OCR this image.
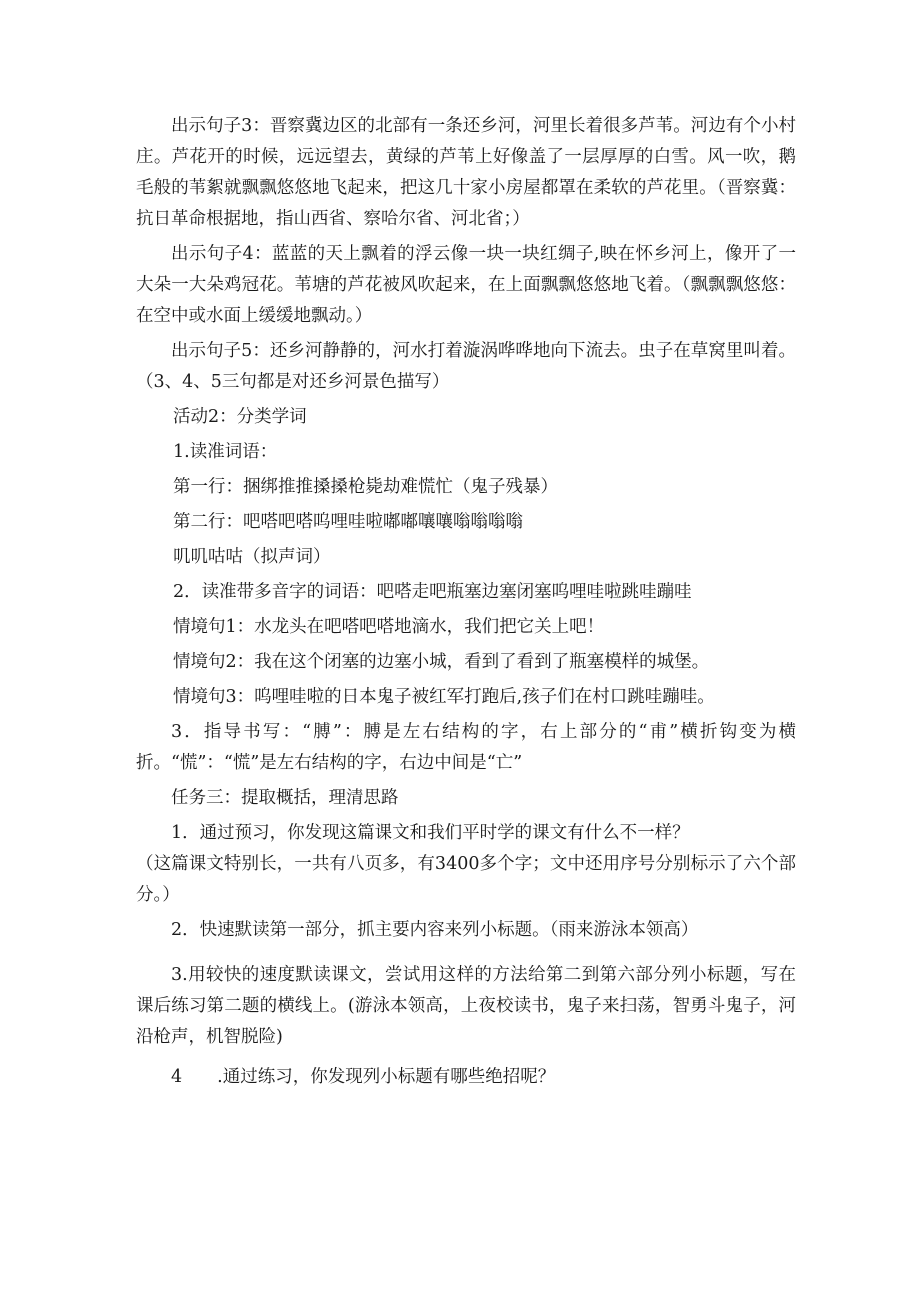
出示句子3：晋察冀边区的北部有一条还乡河，河里长着很多芦苇。河边有个小村庄。芦花开的时候，远远望去，黄绿的芦苇上好像盖了一层厚厚的白雪。风一吹，鹅毛般的苇絮就飘飘悠悠地飞起来，把这几十家小房屋都罩在柔软的芦花里。（晋察冀：抗日革命根据地，指山西省、察哈尔省、河北省；）

出示句子4：蓝蓝的天上飘着的浮云像一块一块红绸子,映在怀乡河上，像开了一大朵一大朵鸡冠花。苇塘的芦花被风吹起来，在上面飘飘悠悠地飞着。（飘飘飘悠悠：在空中或水面上缓缓地飘动。）

出示句子5：还乡河静静的，河水打着漩涡哗哗地向下流去。虫子在草窝里叫着。（3、4、5三句都是对还乡河景色描写）

活动2：分类学词

1.读准词语：

第一行：捆绑推推搡搡枪毙劫难慌忙（鬼子残暴）

第二行：吧嗒吧嗒呜哩哇啦嘟嘟嚷嚷嗡嗡嗡嗡

叽叽咕咕（拟声词）

2．读准带多音字的词语：吧嗒走吧瓶塞边塞闭塞呜哩哇啦跳哇蹦哇

情境句1：水龙头在吧嗒吧嗒地滴水，我们把它关上吧！

情境句2：我在这个闭塞的边塞小城，看到了看到了瓶塞模样的城堡。

情境句3：呜哩哇啦的日本鬼子被红军打跑后,孩子们在村口跳哇蹦哇。

3．指导书写：“膊”：膊是左右结构的字，右上部分的“甫”横折钩变为横折。“慌”：“慌”是左右结构的字，右边中间是“亡”

任务三：提取概括，理清思路

1．通过预习，你发现这篇课文和我们平时学的课文有什么不一样？

（这篇课文特别长，一共有八页多，有3400多个字；文中还用序号分别标示了六个部分。）

2．快速默读第一部分，抓主要内容来列小标题。（雨来游泳本领高）

3.用较快的速度默读课文，尝试用这样的方法给第二到第六部分列小标题，写在课后练习第二题的横线上。(游泳本领高，上夜校读书，鬼子来扫荡，智勇斗鬼子，河沿枪声，机智脱险)

4　　.通过练习，你发现列小标题有哪些绝招呢？
